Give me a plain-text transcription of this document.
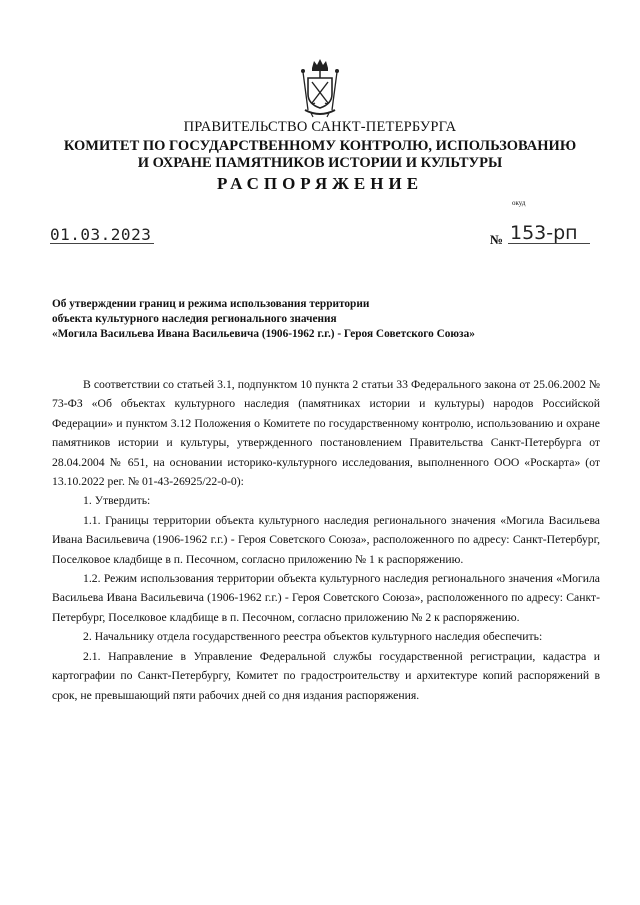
ПРАВИТЕЛЬСТВО САНКТ-ПЕТЕРБУРГА
КОМИТЕТ ПО ГОСУДАРСТВЕННОМУ КОНТРОЛЮ, ИСПОЛЬЗОВАНИЮ
И ОХРАНЕ ПАМЯТНИКОВ ИСТОРИИ И КУЛЬТУРЫ
РАСПОРЯЖЕНИЕ
окуд
01.03.2023	№ 153-рп
Об утверждении границ и режима использования территории
объекта культурного наследия регионального значения
«Могила Васильева Ивана Васильевича (1906-1962 г.г.) - Героя Советского Союза»

В соответствии со статьей 3.1, подпунктом 10 пункта 2 статьи 33 Федерального закона от 25.06.2002 № 73-ФЗ «Об объектах культурного наследия (памятниках истории и культуры) народов Российской Федерации» и пунктом 3.12 Положения о Комитете по государственному контролю, использованию и охране памятников истории и культуры, утвержденного постановлением Правительства Санкт-Петербурга от 28.04.2004 № 651, на основании историко-культурного исследования, выполненного ООО «Роскарта» (от 13.10.2022 рег. № 01-43-26925/22-0-0):

1. Утвердить:

1.1. Границы территории объекта культурного наследия регионального значения «Могила Васильева Ивана Васильевича (1906-1962 г.г.) - Героя Советского Союза», расположенного по адресу: Санкт-Петербург, Поселковое кладбище в п. Песочном, согласно приложению № 1 к распоряжению.

1.2. Режим использования территории объекта культурного наследия регионального значения «Могила Васильева Ивана Васильевича (1906-1962 г.г.) - Героя Советского Союза», расположенного по адресу: Санкт-Петербург, Поселковое кладбище в п. Песочном, согласно приложению № 2 к распоряжению.

2. Начальнику отдела государственного реестра объектов культурного наследия обеспечить:

2.1. Направление в Управление Федеральной службы государственной регистрации, кадастра и картографии по Санкт-Петербургу, Комитет по градостроительству и архитектуре копий распоряжений в срок, не превышающий пяти рабочих дней со дня издания распоряжения.
